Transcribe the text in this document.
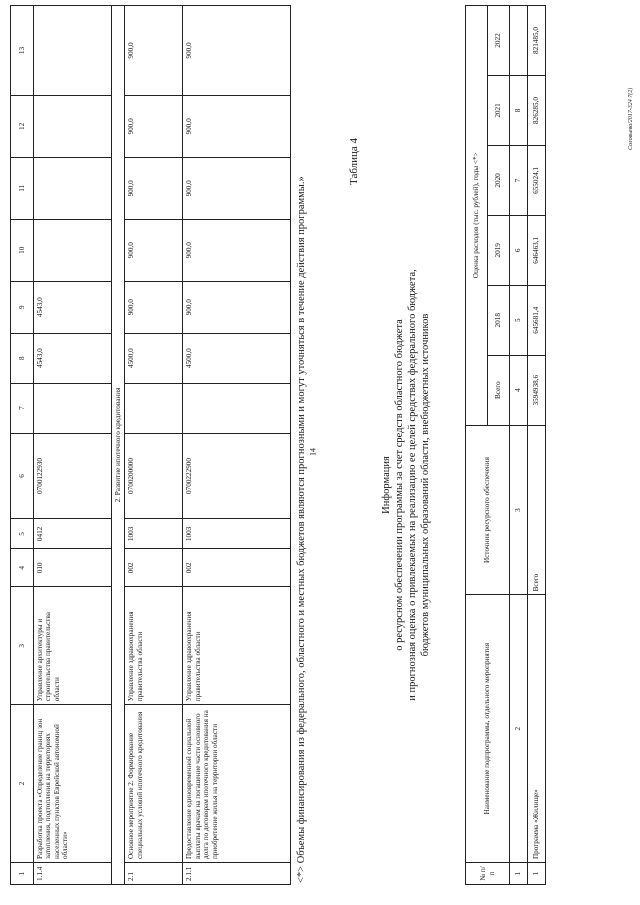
14
1	2	3	4	5	6	7	8	9	10	11	12	13
1.1.4	Разработка проекта «Определение границ зон затопления, подтопления на территориях населенных пунктов Еврейской автономной области»	Управление архитектуры и строительства правительства области	010	0412	0700122930		4543,0	4543,0				
2. Развитие ипотечного кредитования												
2.1	Основное мероприятие 2. Формирование специальных условий ипотечного кредитования	Управление здравоохранения правительства области	002	1003	0700200000		4500,0	900,0	900,0	900,0	900,0	900,0
2.1.1	Предоставление единовременной социальной выплаты врачам на погашение части основного долга по договорам ипотечного кредитования на приобретение жилья на территории области	Управление здравоохранения правительства области	002	1003	0700222900		4500,0	900,0	900,0	900,0	900,0	900,0
<*> Объемы финансирования из федерального, областного и местных бюджетов являются прогнозными и могут уточняться в течение действия программы.»
Таблица 4
Информация о ресурсном обеспечении программы за счет средств областного бюджета и прогнозная оценка о привлекаемых на реализацию ее целей средствах федерального бюджета, бюджетов муниципальных образований области, внебюджетных источников
№ п/п	Наименование подпрограммы, отдельного мероприятия	Источник ресурсного обеспечения	Оценка расходов (тыс. рублей), годы <*>					
			Всего	2018	2019	2020	2021	2022
1	2	3	4	5	6	7	8	
1	Программа «Жилище»	Всего	3594938,6	645681,4	646463,1	655024,1	826285,0	821485,0
Соловьева/2017-324 7(2)
